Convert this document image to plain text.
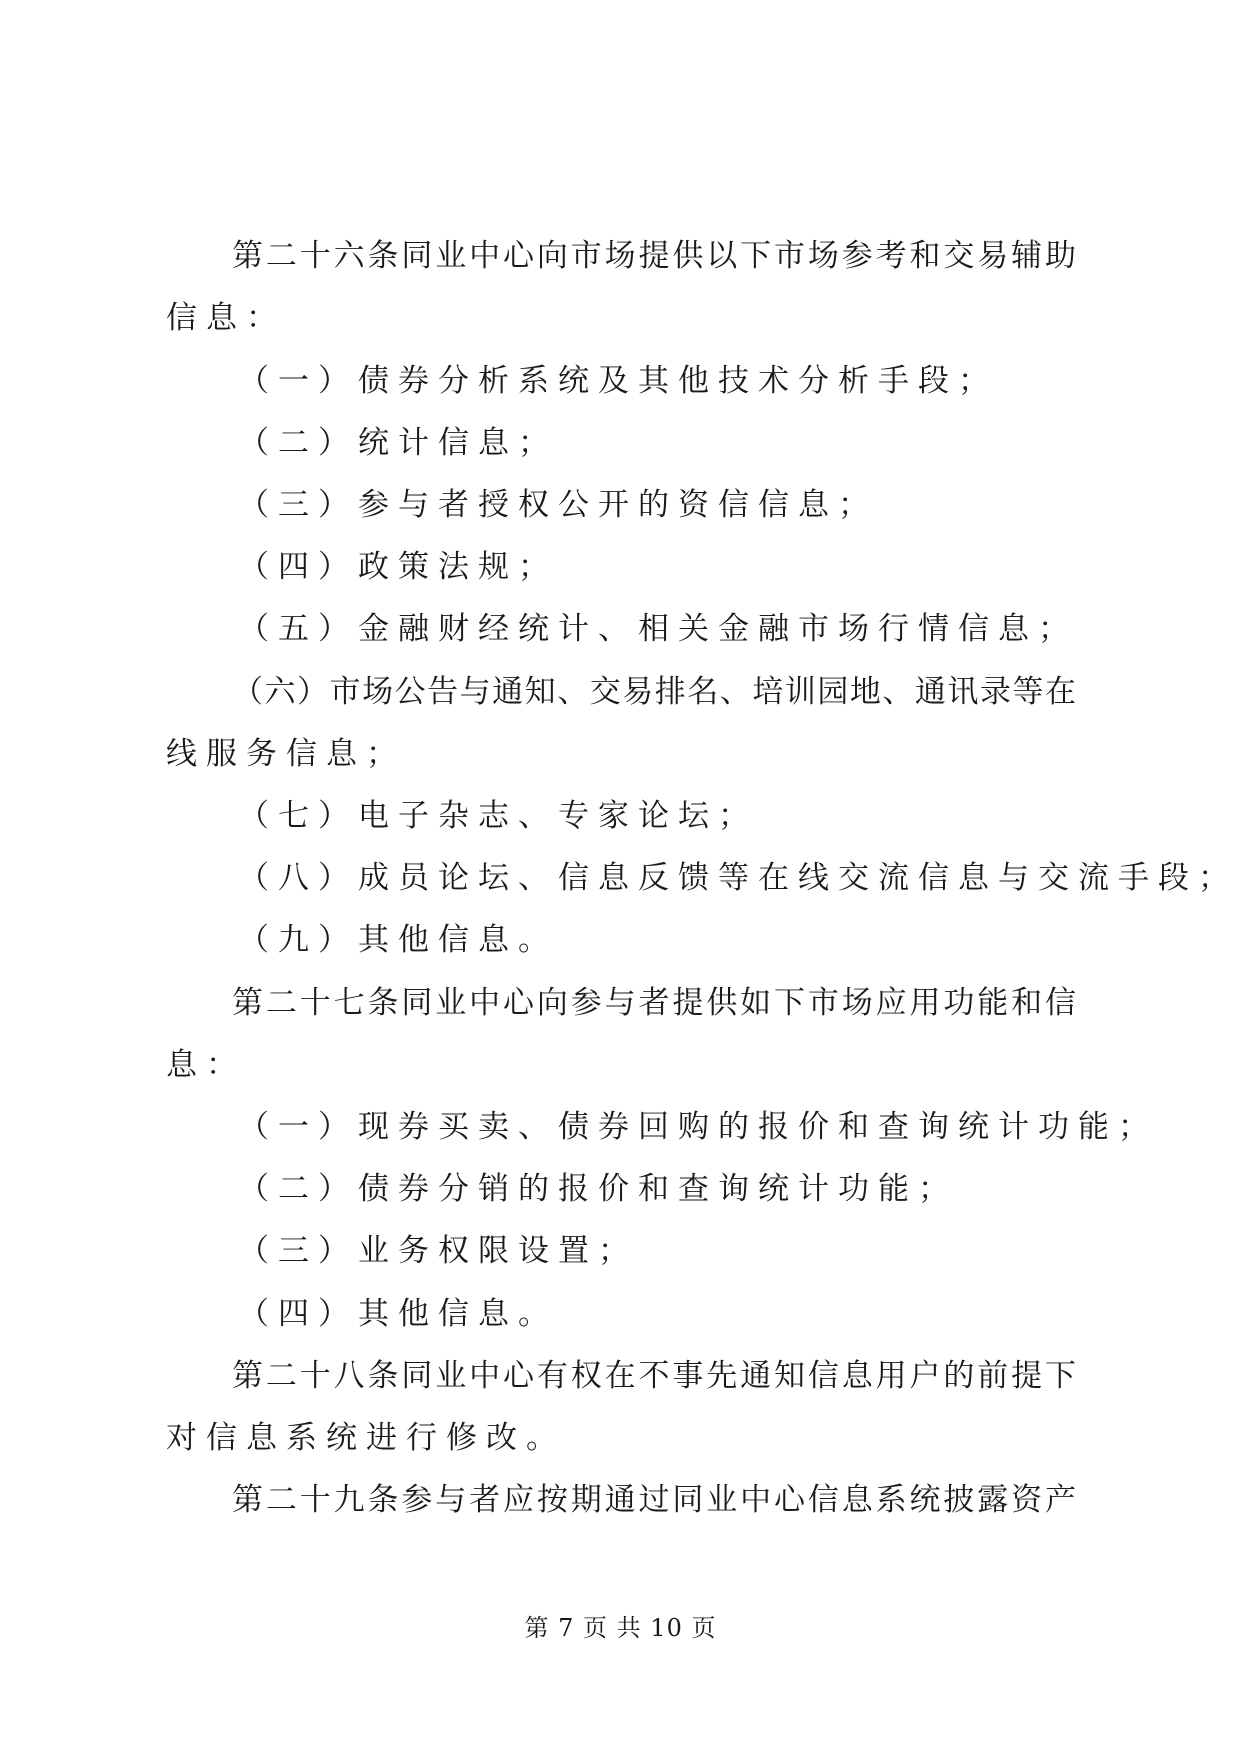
第二十六条同业中心向市场提供以下市场参考和交易辅助
信息：
（一）债券分析系统及其他技术分析手段；
（二）统计信息；
（三）参与者授权公开的资信信息；
（四）政策法规；
（五）金融财经统计、相关金融市场行情信息；
（六）市场公告与通知、交易排名、培训园地、通讯录等在
线服务信息；
（七）电子杂志、专家论坛；
（八）成员论坛、信息反馈等在线交流信息与交流手段；
（九）其他信息。
第二十七条同业中心向参与者提供如下市场应用功能和信
息：
（一）现券买卖、债券回购的报价和查询统计功能；
（二）债券分销的报价和查询统计功能；
（三）业务权限设置；
（四）其他信息。
第二十八条同业中心有权在不事先通知信息用户的前提下
对信息系统进行修改。
第二十九条参与者应按期通过同业中心信息系统披露资产
第 7 页 共 10 页
